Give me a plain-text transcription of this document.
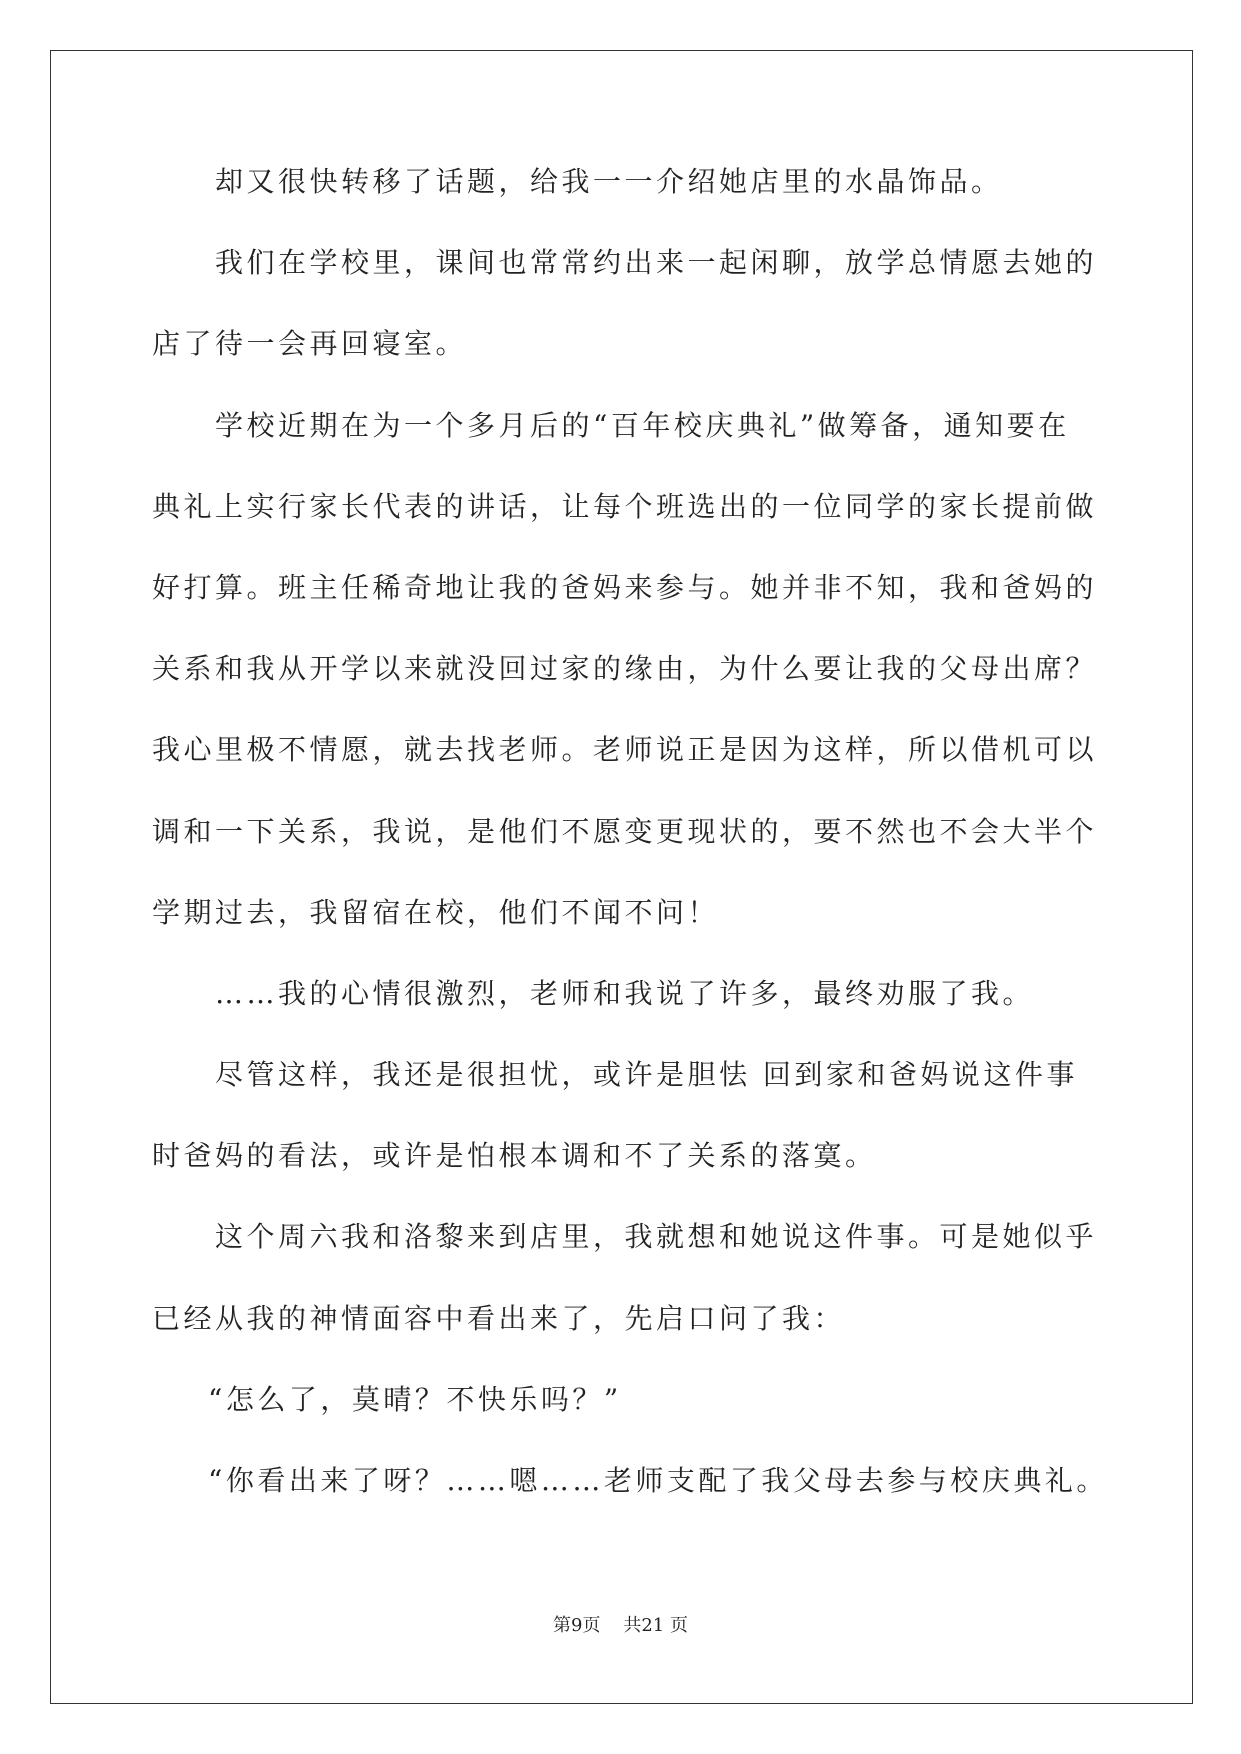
却又很快转移了话题，给我一一介绍她店里的水晶饰品。

我们在学校里，课间也常常约出来一起闲聊，放学总情愿去她的

店了待一会再回寝室。

学校近期在为一个多月后的“百年校庆典礼”做筹备，通知要在

典礼上实行家长代表的讲话，让每个班选出的一位同学的家长提前做

好打算。班主任稀奇地让我的爸妈来参与。她并非不知，我和爸妈的

关系和我从开学以来就没回过家的缘由，为什么要让我的父母出席？

我心里极不情愿，就去找老师。老师说正是因为这样，所以借机可以

调和一下关系，我说，是他们不愿变更现状的，要不然也不会大半个

学期过去，我留宿在校，他们不闻不问！

……我的心情很激烈，老师和我说了许多，最终劝服了我。

尽管这样，我还是很担忧，或许是胆怯 回到家和爸妈说这件事

时爸妈的看法，或许是怕根本调和不了关系的落寞。

这个周六我和洛黎来到店里，我就想和她说这件事。可是她似乎

已经从我的神情面容中看出来了，先启口问了我：

“怎么了，莫晴？不快乐吗？”

“你看出来了呀？……嗯……老师支配了我父母去参与校庆典礼。

第9页 共21 页
